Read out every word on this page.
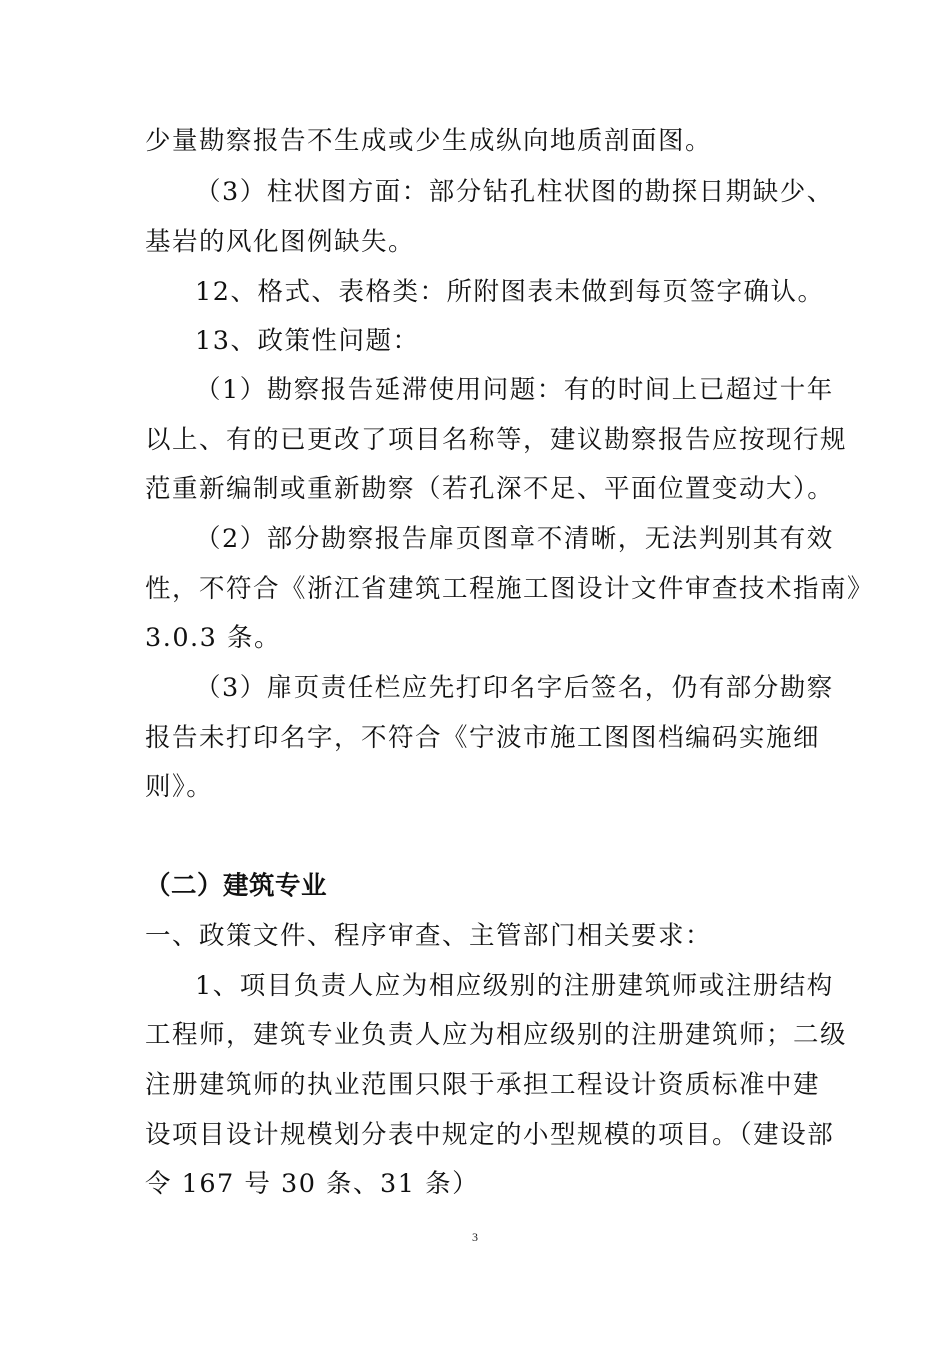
少量勘察报告不生成或少生成纵向地质剖面图。
（3）柱状图方面：部分钻孔柱状图的勘探日期缺少、
基岩的风化图例缺失。
12、格式、表格类：所附图表未做到每页签字确认。
13、政策性问题：
（1）勘察报告延滞使用问题：有的时间上已超过十年
以上、有的已更改了项目名称等，建议勘察报告应按现行规
范重新编制或重新勘察（若孔深不足、平面位置变动大）。
（2）部分勘察报告扉页图章不清晰，无法判别其有效
性，不符合《浙江省建筑工程施工图设计文件审查技术指南》
3.0.3 条。
（3）扉页责任栏应先打印名字后签名，仍有部分勘察
报告未打印名字，不符合《宁波市施工图图档编码实施细
则》。
（二）建筑专业
一、政策文件、程序审查、主管部门相关要求：
1、项目负责人应为相应级别的注册建筑师或注册结构
工程师，建筑专业负责人应为相应级别的注册建筑师；二级
注册建筑师的执业范围只限于承担工程设计资质标准中建
设项目设计规模划分表中规定的小型规模的项目。（建设部
令 167 号 30 条、31 条）
3
